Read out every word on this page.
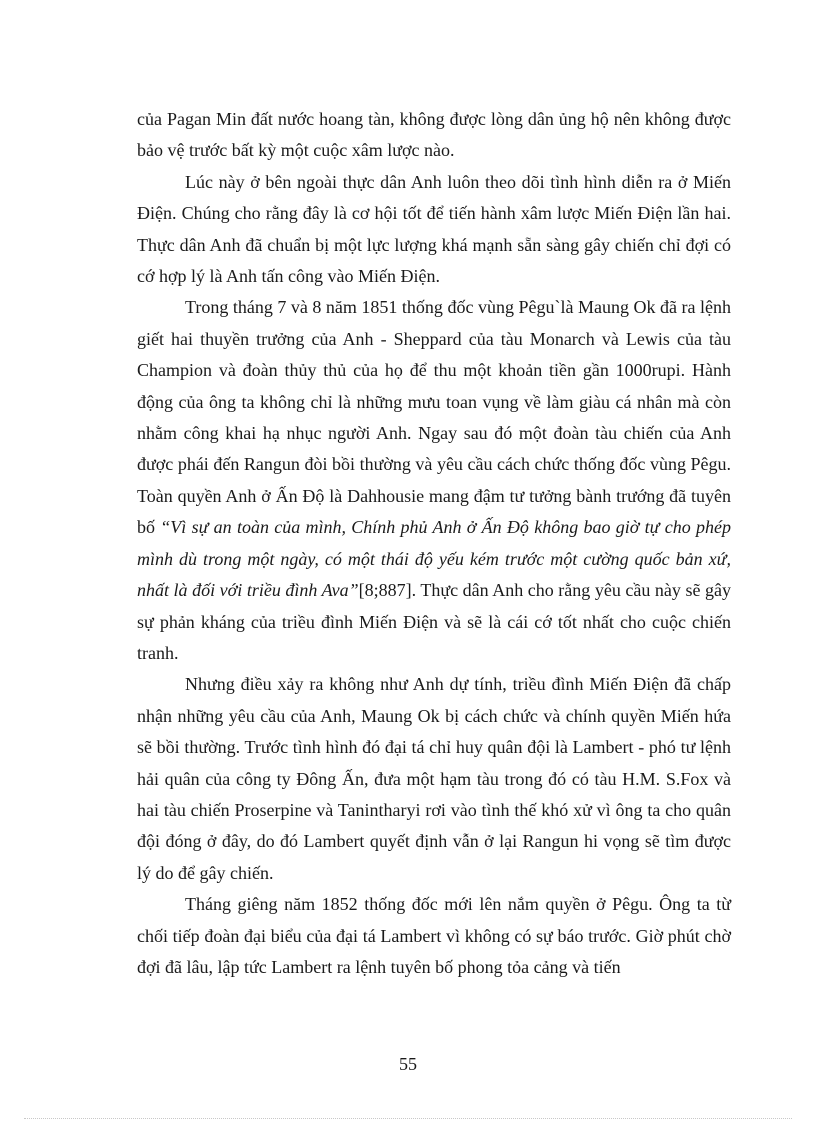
của Pagan Min đất nước hoang tàn, không được lòng dân ủng hộ nên không được bảo vệ trước bất kỳ một cuộc xâm lược nào.

Lúc này ở bên ngoài thực dân Anh luôn theo dõi tình hình diễn ra ở Miến Điện. Chúng cho rằng đây là cơ hội tốt để tiến hành xâm lược Miến Điện lần hai. Thực dân Anh đã chuẩn bị một lực lượng khá mạnh sẵn sàng gây chiến chỉ đợi có cớ hợp lý là Anh tấn công vào Miến Điện.

Trong tháng 7 và 8 năm 1851 thống đốc vùng Pêgu`là Maung Ok đã ra lệnh giết hai thuyền trưởng của Anh - Sheppard của tàu Monarch và Lewis của tàu Champion và đoàn thủy thủ của họ để thu một khoản tiền gần 1000rupi. Hành động của ông ta không chỉ là những mưu toan vụng về làm giàu cá nhân mà còn nhằm công khai hạ nhục người Anh. Ngay sau đó một đoàn tàu chiến của Anh được phái đến Rangun đòi bồi thường và yêu cầu cách chức thống đốc vùng Pêgu. Toàn quyền Anh ở Ấn Độ là Dahhousie mang đậm tư tưởng bành trướng đã tuyên bố “Vì sự an toàn của mình, Chính phủ Anh ở Ấn Độ không bao giờ tự cho phép mình dù trong một ngày, có một thái độ yếu kém trước một cường quốc bản xứ, nhất là đối với triều đình Ava”[8;887]. Thực dân Anh cho rằng yêu cầu này sẽ gây sự phản kháng của triều đình Miến Điện và sẽ là cái cớ tốt nhất cho cuộc chiến tranh.

Nhưng điều xảy ra không như Anh dự tính, triều đình Miến Điện đã chấp nhận những yêu cầu của Anh, Maung Ok bị cách chức và chính quyền Miến hứa sẽ bồi thường. Trước tình hình đó đại tá chỉ huy quân đội là Lambert - phó tư lệnh hải quân của công ty Đông Ấn, đưa một hạm tàu trong đó có tàu H.M. S.Fox và hai tàu chiến Proserpine và Tanintharyi rơi vào tình thế khó xử vì ông ta cho quân đội đóng ở đây, do đó Lambert quyết định vẫn ở lại Rangun hi vọng sẽ tìm được lý do để gây chiến.

Tháng giêng năm 1852 thống đốc mới lên nắm quyền ở Pêgu. Ông ta từ chối tiếp đoàn đại biểu của đại tá Lambert vì không có sự báo trước. Giờ phút chờ đợi đã lâu, lập tức Lambert ra lệnh tuyên bố phong tỏa cảng và tiến

55
